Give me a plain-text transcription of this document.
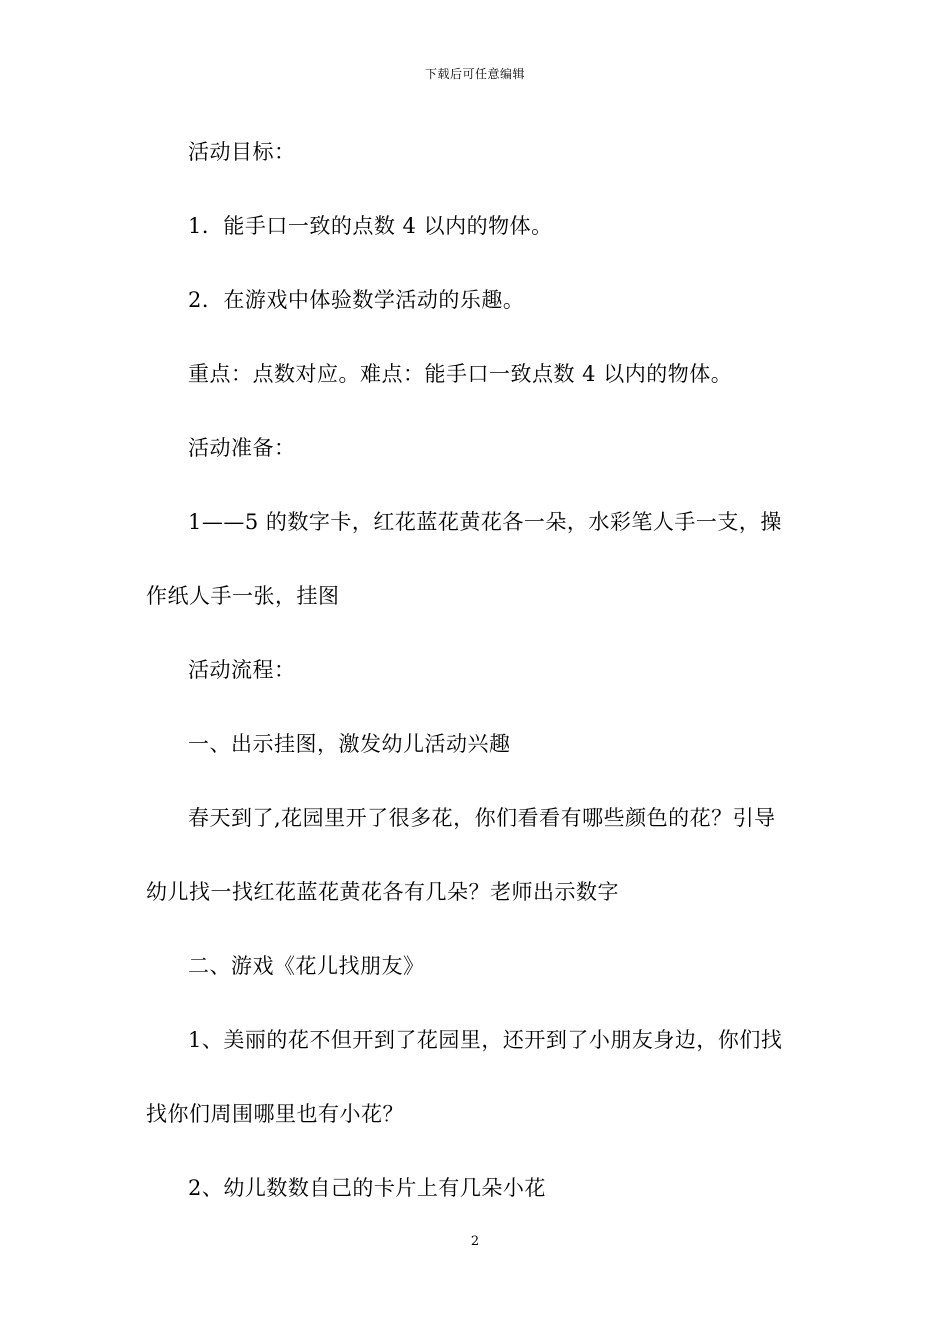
下载后可任意编辑

活动目标：

1．能手口一致的点数 4 以内的物体。

2．在游戏中体验数学活动的乐趣。

重点：点数对应。难点：能手口一致点数 4 以内的物体。

活动准备：

1——5 的数字卡，红花蓝花黄花各一朵，水彩笔人手一支，操
作纸人手一张，挂图

活动流程：

一、出示挂图，激发幼儿活动兴趣

春天到了,花园里开了很多花，你们看看有哪些颜色的花？引导
幼儿找一找红花蓝花黄花各有几朵？老师出示数字

二、游戏《花儿找朋友》

1、美丽的花不但开到了花园里，还开到了小朋友身边，你们找
找你们周围哪里也有小花？

2、幼儿数数自己的卡片上有几朵小花

2
